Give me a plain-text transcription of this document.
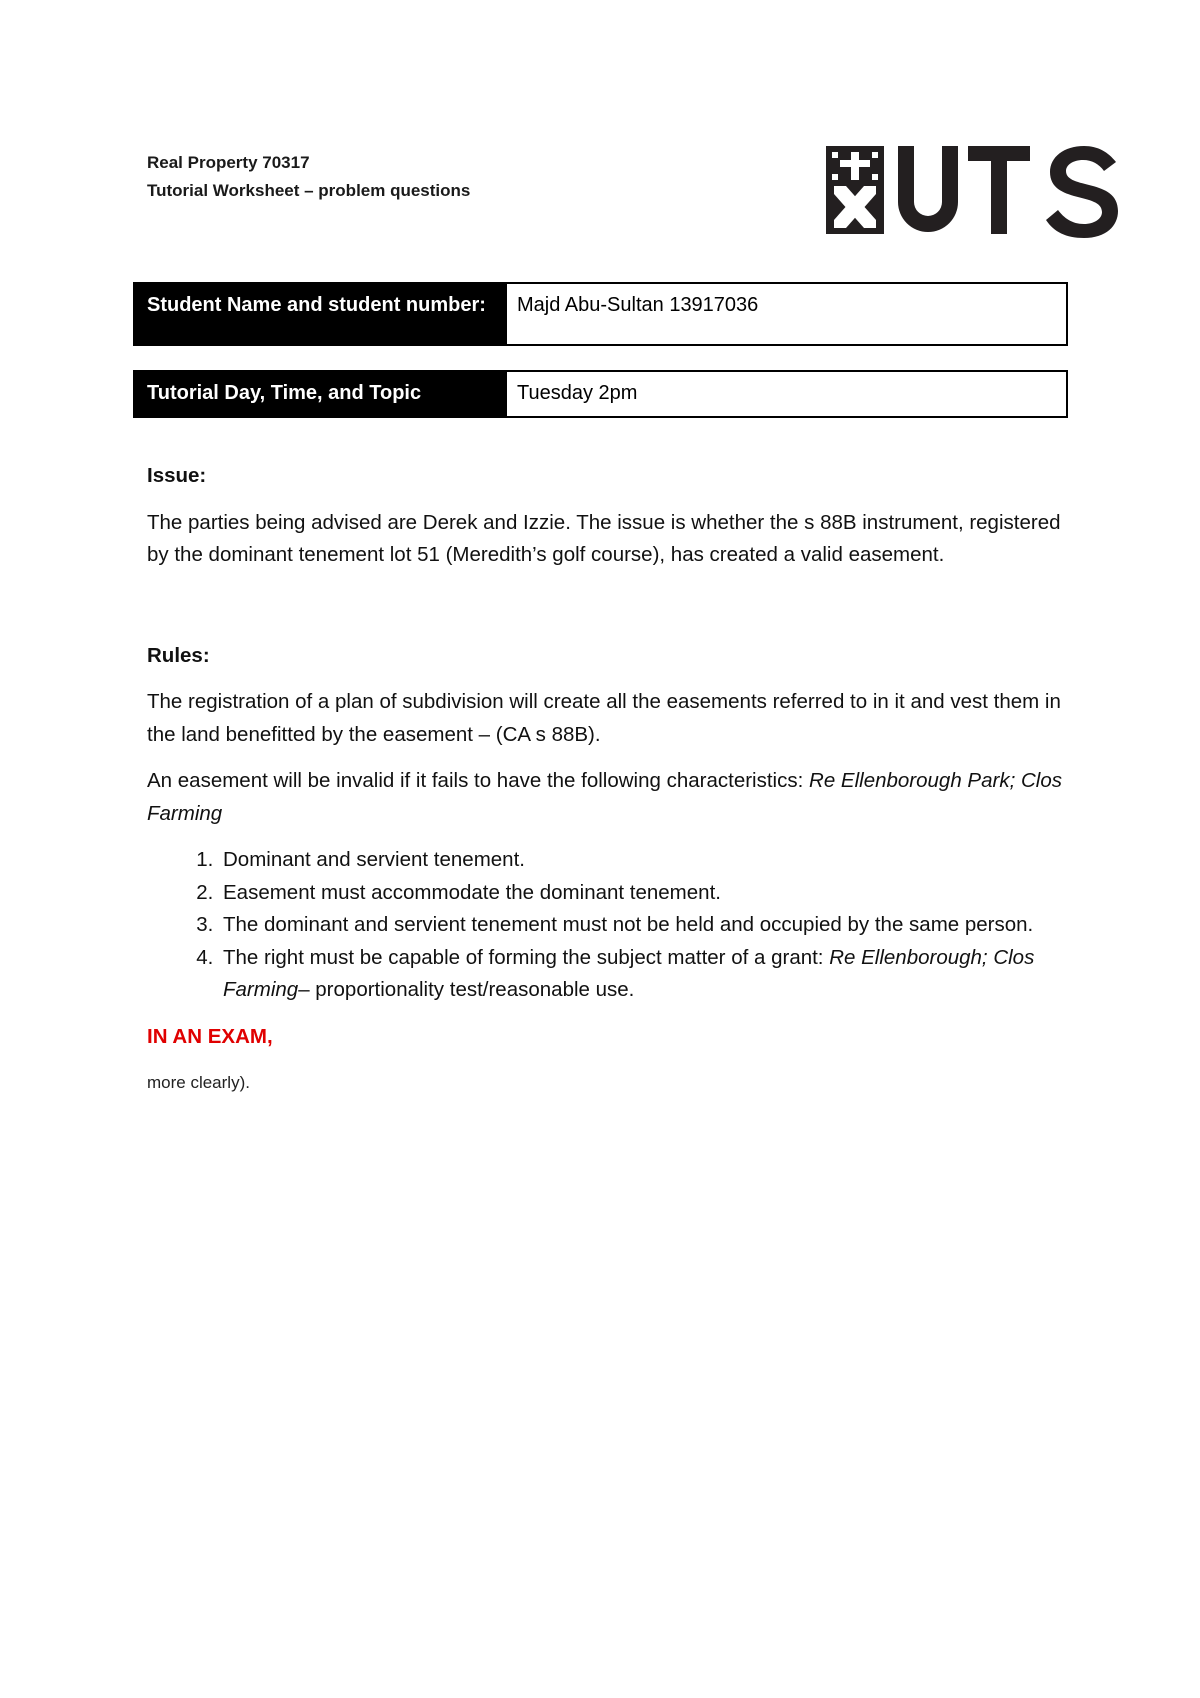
Real Property 70317
Tutorial Worksheet – problem questions
Student Name and student number:	Majd Abu-Sultan 13917036
Tutorial Day, Time, and Topic	Tuesday 2pm
Issue:

The parties being advised are Derek and Izzie. The issue is whether the s 88B instrument, registered by the dominant tenement lot 51 (Meredith’s golf course), has created a valid easement.

Rules:

The registration of a plan of subdivision will create all the easements referred to in it and vest them in the land benefitted by the easement – (CA s 88B).

An easement will be invalid if it fails to have the following characteristics: Re Ellenborough Park; Clos Farming

1. Dominant and servient tenement.
2. Easement must accommodate the dominant tenement.
3. The dominant and servient tenement must not be held and occupied by the same person.
4. The right must be capable of forming the subject matter of a grant: Re Ellenborough; Clos Farming– proportionality test/reasonable use.
IN AN EXAM,
more clearly).
